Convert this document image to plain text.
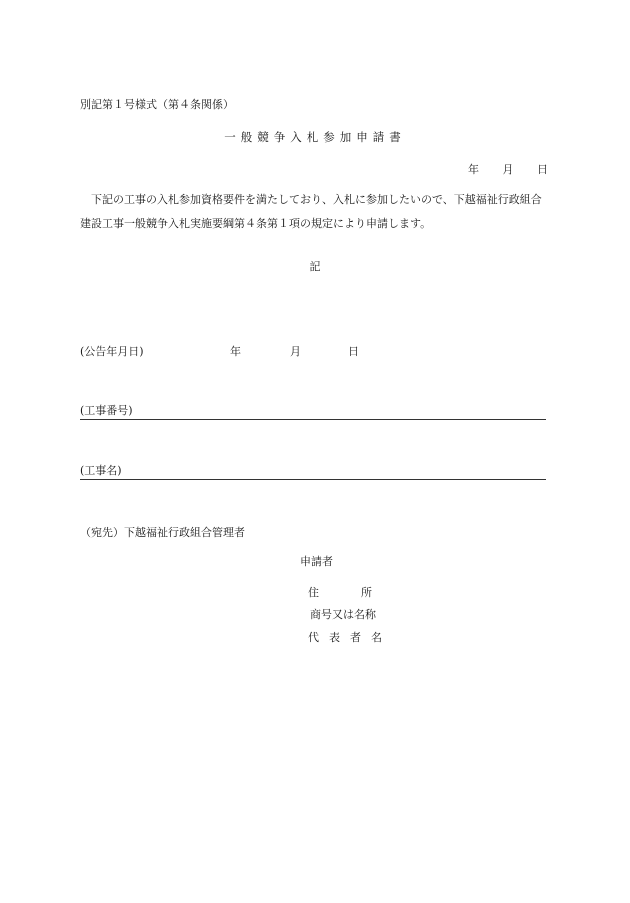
別記第１号様式（第４条関係）
一般競争入札参加申請書
年 月 日
下記の工事の入札参加資格要件を満たしており、入札に参加したいので、下越福祉行政組合建設工事一般競争入札実施要綱第４条第１項の規定により申請します。
記
(公告年月日)	年	月	日
(工事番号)
(工事名)
（宛先）下越福祉行政組合管理者
申請者
住	所
商号又は名称
代 表 者 名
